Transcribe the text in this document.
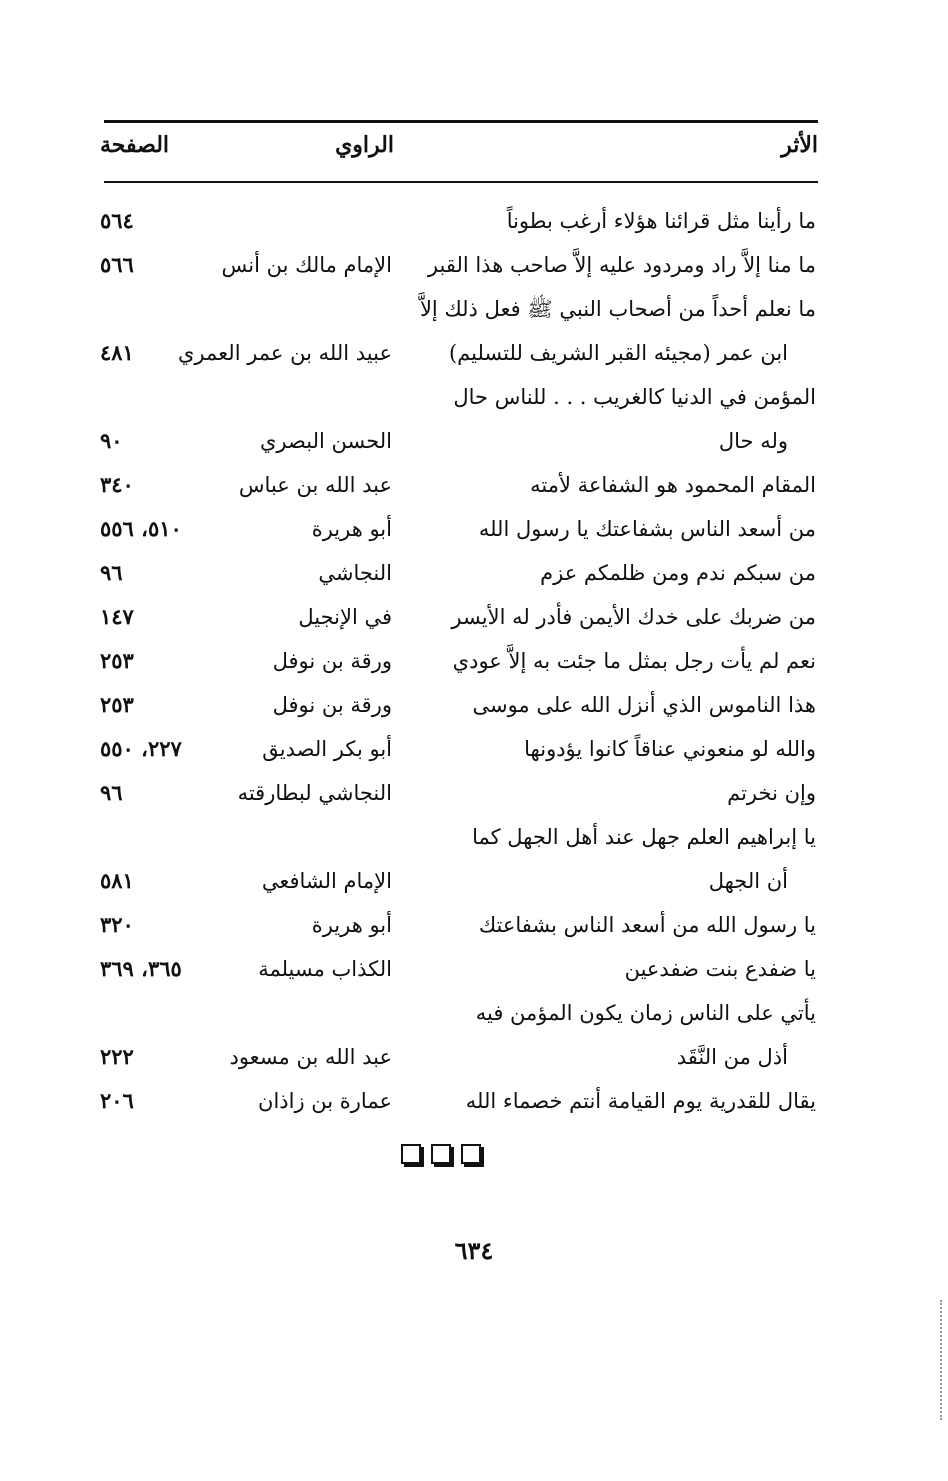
الأثر
الراوي
الصفحة
ما رأينا مثل قرائنا هؤلاء أرغب بطوناً
٥٦٤
ما منا إلاَّ راد ومردود عليه إلاَّ صاحب هذا القبر
الإمام مالك بن أنس
٥٦٦
ما نعلم أحداً من أصحاب النبي ﷺ فعل ذلك إلاَّ
ابن عمر (مجيئه القبر الشريف للتسليم)
عبيد الله بن عمر العمري
٤٨١
المؤمن في الدنيا كالغريب . . . للناس حال
وله حال
الحسن البصري
٩٠
المقام المحمود هو الشفاعة لأمته
عبد الله بن عباس
٣٤٠
من أسعد الناس بشفاعتك يا رسول الله
أبو هريرة
٥١٠، ٥٥٦
من سبكم ندم ومن ظلمكم عزم
النجاشي
٩٦
من ضربك على خدك الأيمن فأدر له الأيسر
في الإنجيل
١٤٧
نعم لم يأت رجل بمثل ما جئت به إلاَّ عودي
ورقة بن نوفل
٢٥٣
هذا الناموس الذي أنزل الله على موسى
ورقة بن نوفل
٢٥٣
والله لو منعوني عناقاً كانوا يؤدونها
أبو بكر الصديق
٢٢٧، ٥٥٠
وإن نخرتم
النجاشي لبطارقته
٩٦
يا إبراهيم العلم جهل عند أهل الجهل كما
أن الجهل
الإمام الشافعي
٥٨١
يا رسول الله من أسعد الناس بشفاعتك
أبو هريرة
٣٢٠
يا ضفدع بنت ضفدعين
الكذاب مسيلمة
٣٦٥، ٣٦٩
يأتي على الناس زمان يكون المؤمن فيه
أذل من النَّقَد
عبد الله بن مسعود
٢٢٢
يقال للقدرية يوم القيامة أنتم خصماء الله
عمارة بن زاذان
٢٠٦
٦٣٤
